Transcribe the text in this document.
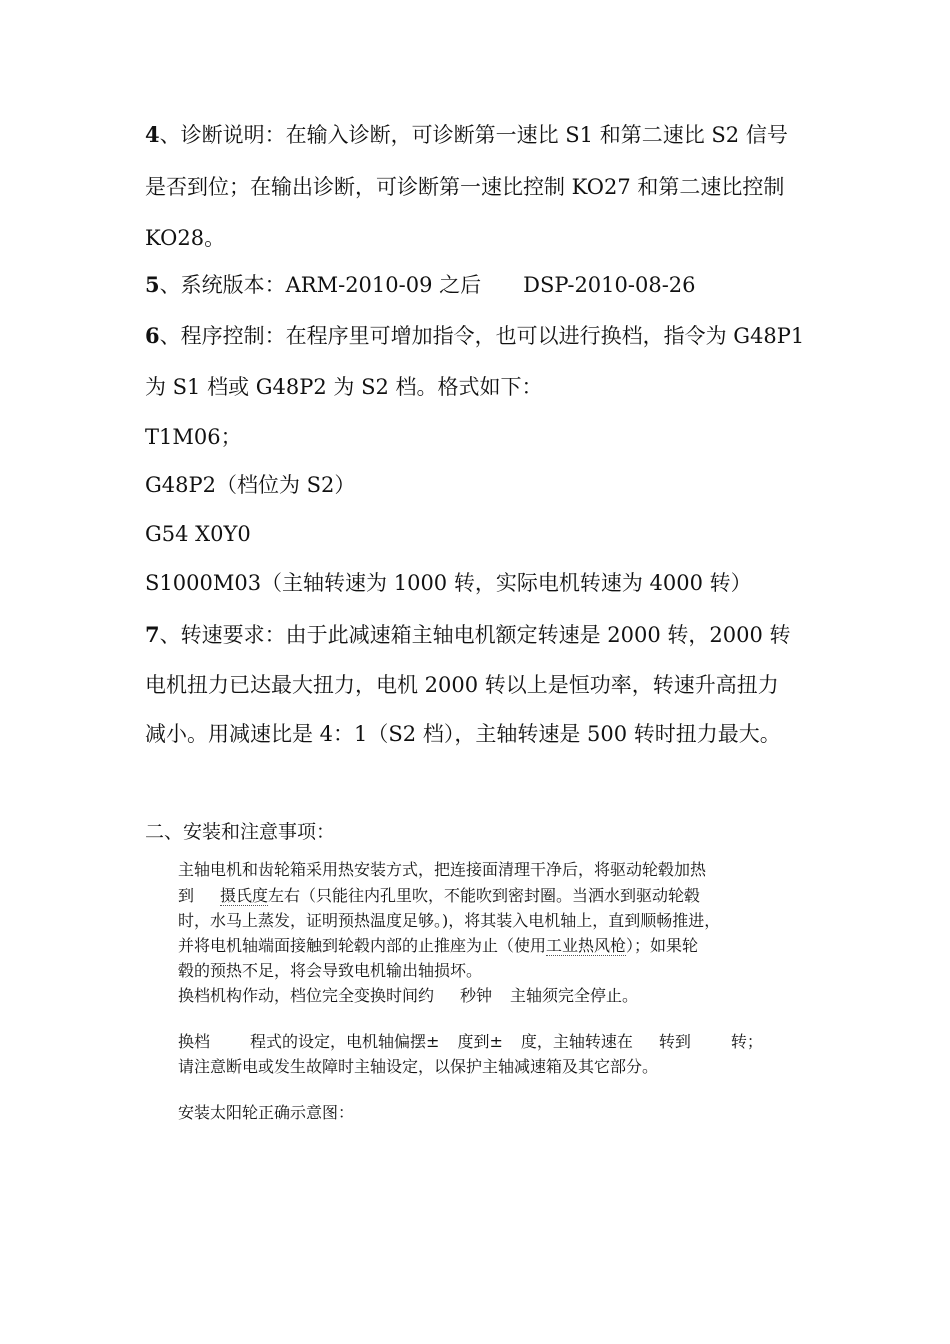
4、诊断说明：在输入诊断，可诊断第一速比 S1 和第二速比 S2 信号
是否到位；在输出诊断，可诊断第一速比控制 KO27 和第二速比控制
KO28。
5、系统版本：ARM-2010-09 之后 DSP-2010-08-26
6、程序控制：在程序里可增加指令，也可以进行换档，指令为 G48P1
为 S1 档或 G48P2 为 S2 档。格式如下：
T1M06；
G48P2（档位为 S2）
G54 X0Y0
S1000M03（主轴转速为 1000 转，实际电机转速为 4000 转）
7、转速要求：由于此减速箱主轴电机额定转速是 2000 转，2000 转
电机扭力已达最大扭力，电机 2000 转以上是恒功率，转速升高扭力
减小。用减速比是 4：1（S2 档），主轴转速是 500 转时扭力最大。
二、安装和注意事项：
主轴电机和齿轮箱采用热安装方式，把连接面清理干净后，将驱动轮毂加热
到 摄氏度左右（只能往内孔里吹，不能吹到密封圈。当洒水到驱动轮毂
时，水马上蒸发，证明预热温度足够。)，将其装入电机轴上，直到顺畅推进，
并将电机轴端面接触到轮毂内部的止推座为止（使用工业热风枪）；如果轮
毂的预热不足，将会导致电机输出轴损坏。
换档机构作动，档位完全变换时间约 秒钟 主轴须完全停止。
换档	程式的设定，电机轴偏摆± 度到± 度，主轴转速在 转到	转；
请注意断电或发生故障时主轴设定，以保护主轴减速箱及其它部分。
安装太阳轮正确示意图：
